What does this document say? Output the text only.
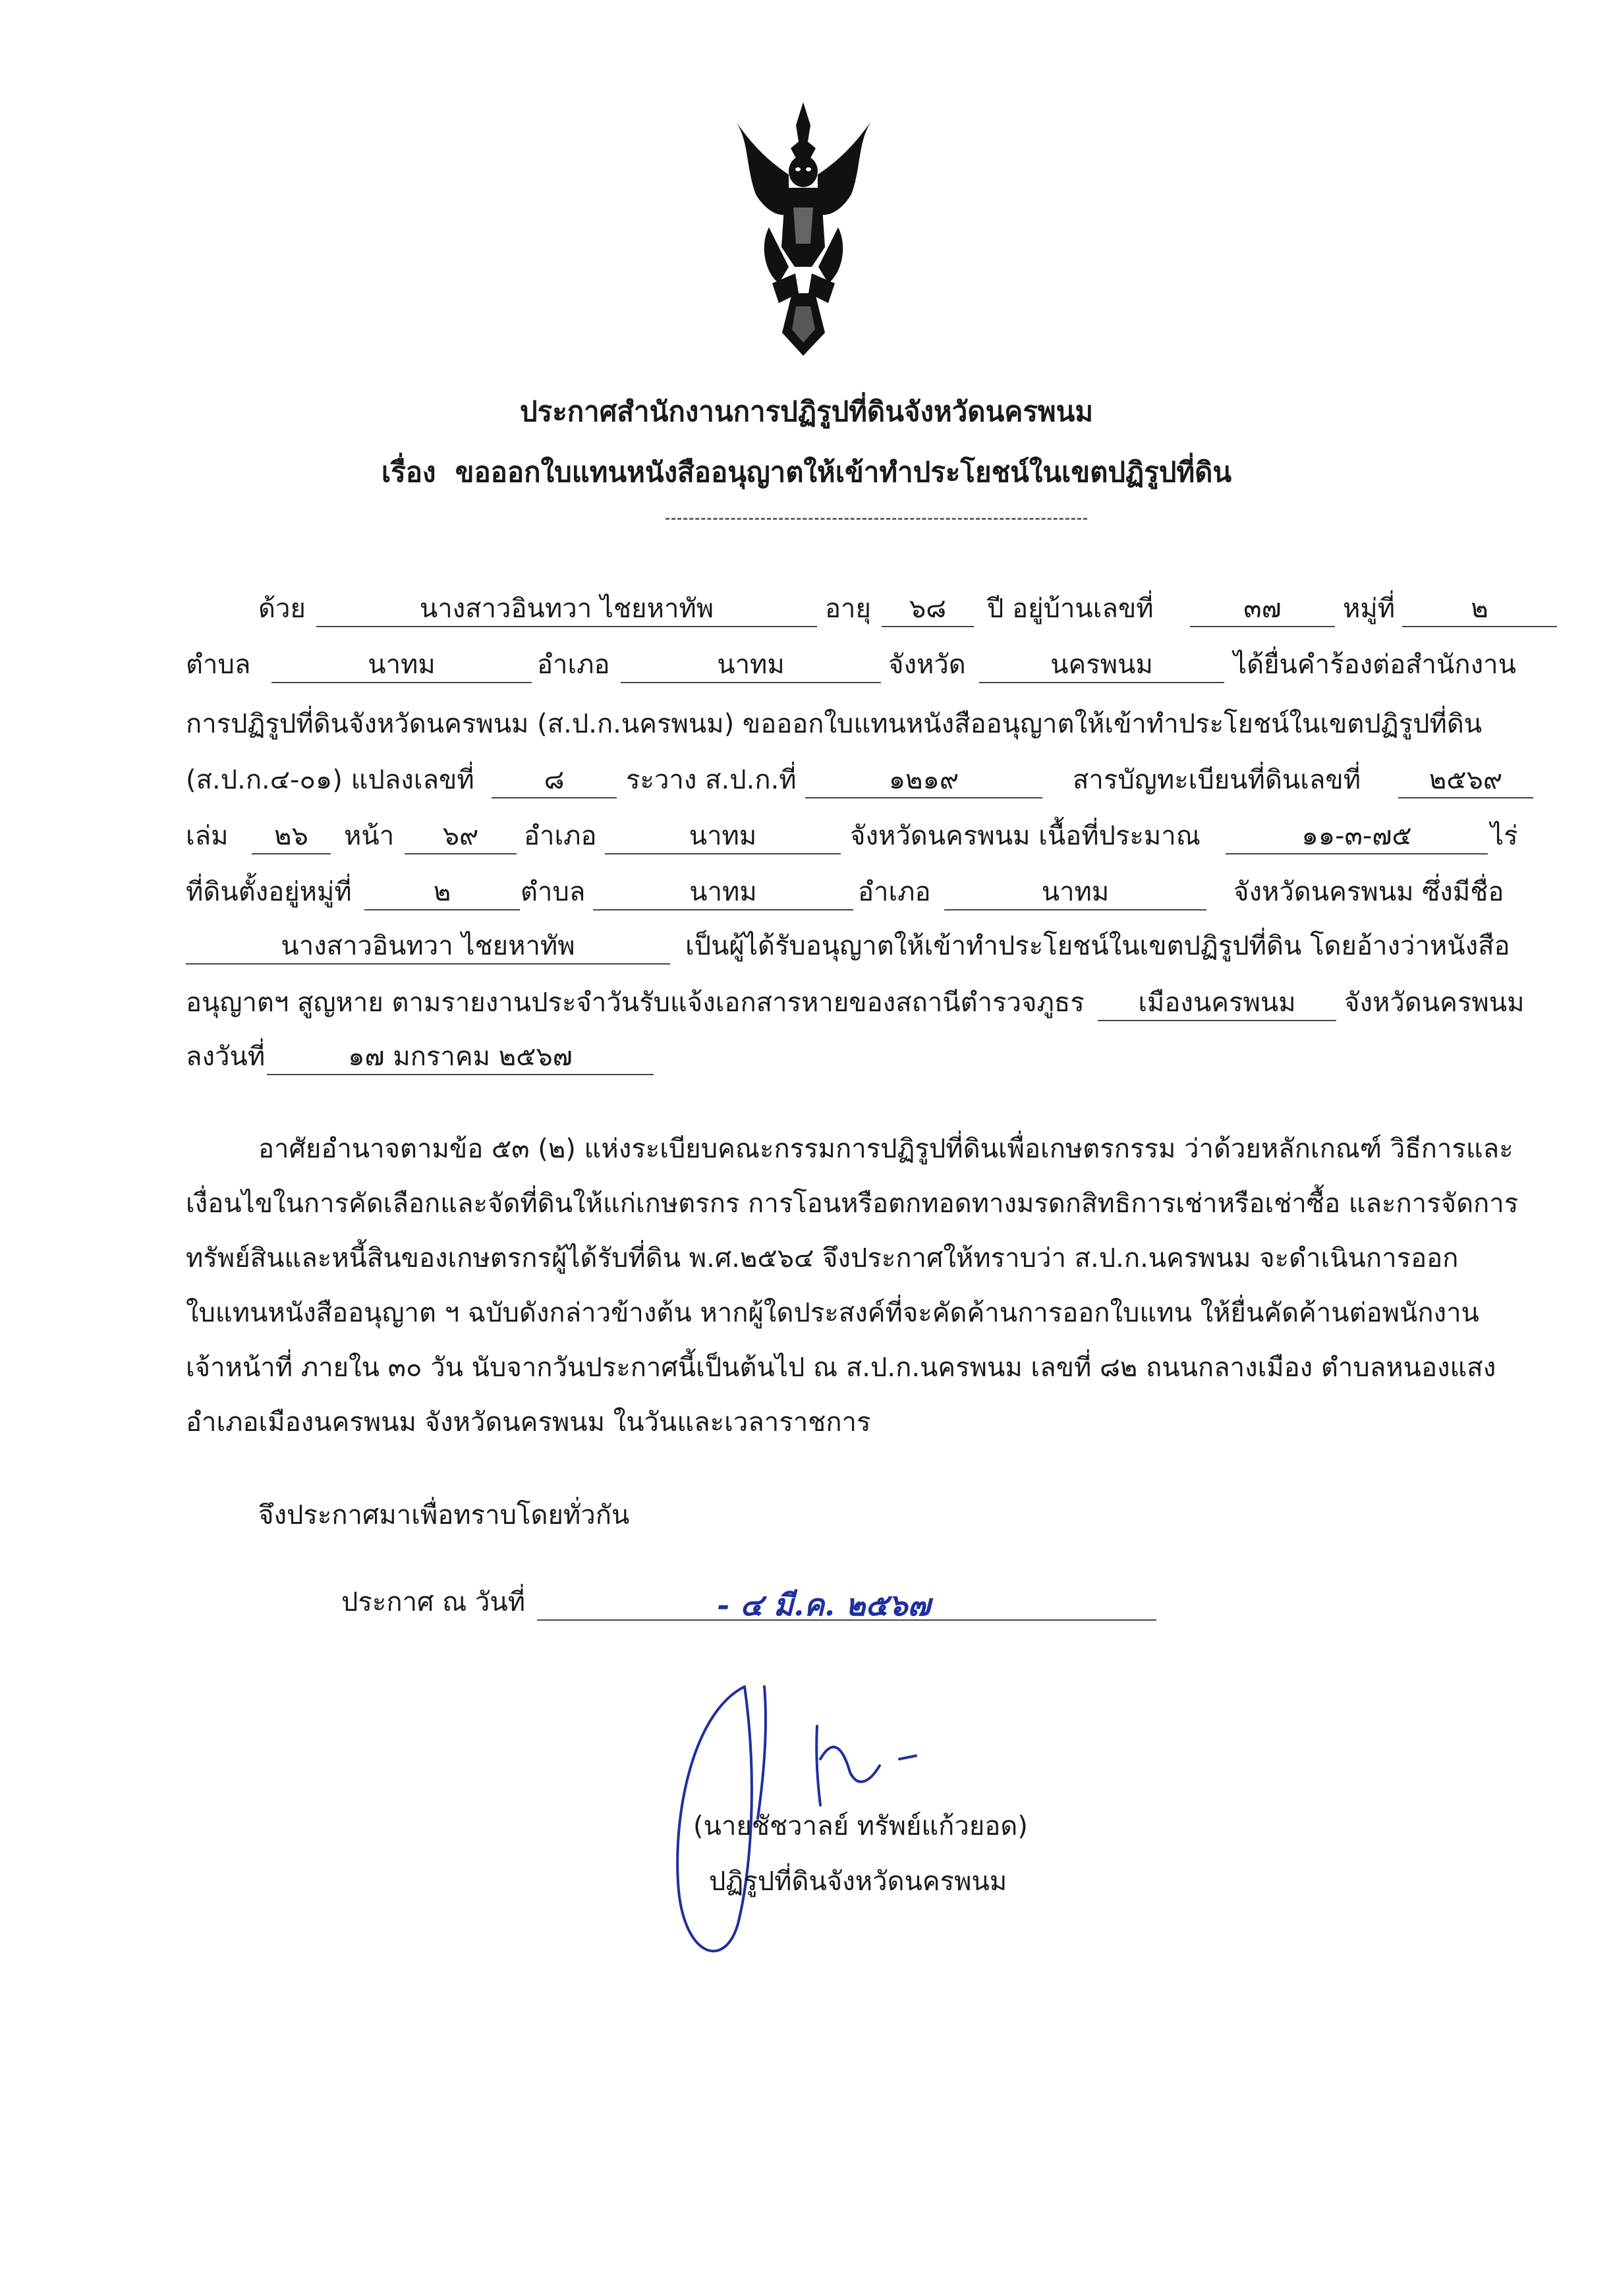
ประกาศสำนักงานการปฏิรูปที่ดินจังหวัดนครพนม
เรื่อง ขอออกใบแทนหนังสืออนุญาตให้เข้าทำประโยชน์ในเขตปฏิรูปที่ดิน
ด้วย	นางสาวอินทวา ไชยหาทัพ	อายุ	๖๘	ปี อยู่บ้านเลขที่	๓๗	หมู่ที่	๒
ตำบล	นาทม	อำเภอ	นาทม	จังหวัด	นครพนม	ได้ยื่นคำร้องต่อสำนักงาน
การปฏิรูปที่ดินจังหวัดนครพนม (ส.ป.ก.นครพนม) ขอออกใบแทนหนังสืออนุญาตให้เข้าทำประโยชน์ในเขตปฏิรูปที่ดิน
(ส.ป.ก.๔-๐๑) แปลงเลขที่	๘	ระวาง ส.ป.ก.ที่	๑๒๑๙	สารบัญทะเบียนที่ดินเลขที่	๒๕๖๙
เล่ม	๒๖	หน้า	๖๙	อำเภอ	นาทม	จังหวัดนครพนม เนื้อที่ประมาณ	๑๑-๓-๗๕	ไร่
ที่ดินตั้งอยู่หมู่ที่	๒	ตำบล	นาทม	อำเภอ	นาทม	จังหวัดนครพนม ซึ่งมีชื่อ
นางสาวอินทวา ไชยหาทัพ	เป็นผู้ได้รับอนุญาตให้เข้าทำประโยชน์ในเขตปฏิรูปที่ดิน โดยอ้างว่าหนังสือ
อนุญาตฯ สูญหาย ตามรายงานประจำวันรับแจ้งเอกสารหายของสถานีตำรวจภูธร	เมืองนครพนม	จังหวัดนครพนม
ลงวันที่	๑๗ มกราคม ๒๕๖๗
อาศัยอำนาจตามข้อ ๕๓ (๒) แห่งระเบียบคณะกรรมการปฏิรูปที่ดินเพื่อเกษตรกรรม ว่าด้วยหลักเกณฑ์ วิธีการและ
เงื่อนไขในการคัดเลือกและจัดที่ดินให้แก่เกษตรกร การโอนหรือตกทอดทางมรดกสิทธิการเช่าหรือเช่าซื้อ และการจัดการ
ทรัพย์สินและหนี้สินของเกษตรกรผู้ได้รับที่ดิน พ.ศ.๒๕๖๔ จึงประกาศให้ทราบว่า ส.ป.ก.นครพนม จะดำเนินการออก
ใบแทนหนังสืออนุญาต ฯ ฉบับดังกล่าวข้างต้น หากผู้ใดประสงค์ที่จะคัดค้านการออกใบแทน ให้ยื่นคัดค้านต่อพนักงาน
เจ้าหน้าที่ ภายใน ๓๐ วัน นับจากวันประกาศนี้เป็นต้นไป ณ ส.ป.ก.นครพนม เลขที่ ๘๒ ถนนกลางเมือง ตำบลหนองแสง
อำเภอเมืองนครพนม จังหวัดนครพนม ในวันและเวลาราชการ
จึงประกาศมาเพื่อทราบโดยทั่วกัน
ประกาศ ณ วันที่	- ๔ มี.ค. ๒๕๖๗
(นายชัชวาลย์ ทรัพย์แก้วยอด)
ปฏิรูปที่ดินจังหวัดนครพนม
